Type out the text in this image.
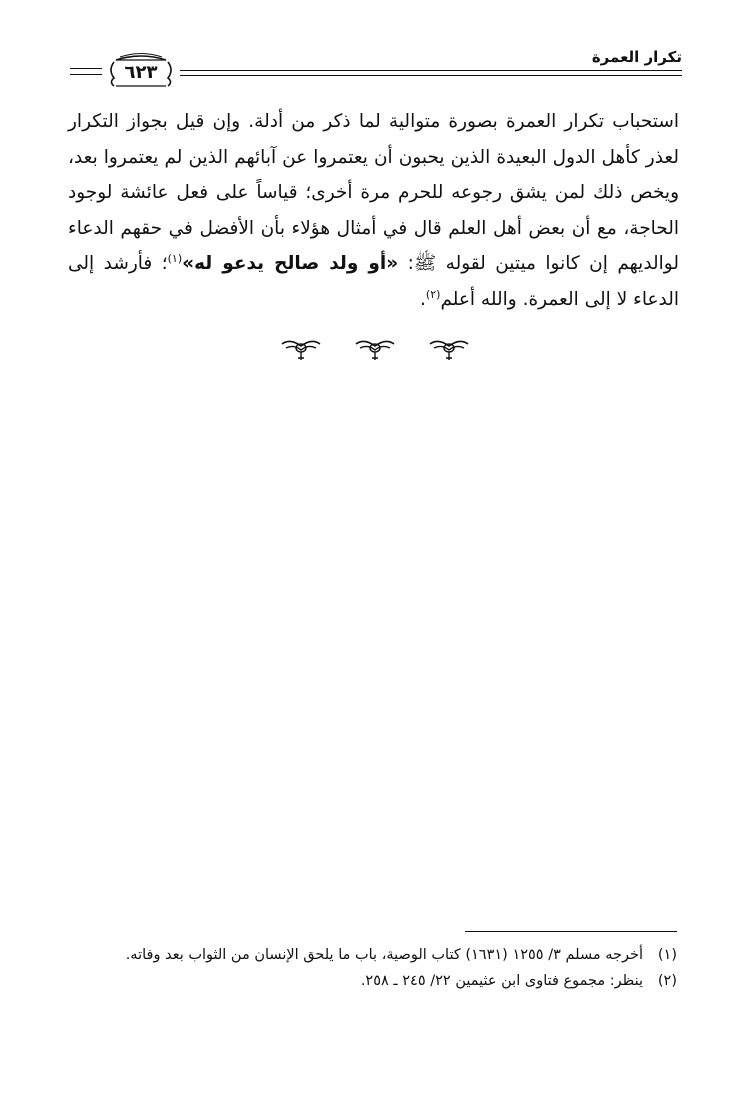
تكرار العمرة
٦٢٣
استحباب تكرار العمرة بصورة متوالية لما ذكر من أدلة. وإن قيل بجواز التكرار لعذر كأهل الدول البعيدة الذين يحبون أن يعتمروا عن آبائهم الذين لم يعتمروا بعد، ويخص ذلك لمن يشق رجوعه للحرم مرة أخرى؛ قياساً على فعل عائشة لوجود الحاجة، مع أن بعض أهل العلم قال في أمثال هؤلاء بأن الأفضل في حقهم الدعاء لوالديهم إن كانوا ميتين لقوله ﷺ: «أو ولد صالح يدعو له»$^{(١)}$؛ فأرشد إلى الدعاء لا إلى العمرة. والله أعلم$^{(٢)}$.
(١)
أخرجه مسلم ٣/ ١٢٥٥ (١٦٣١) كتاب الوصية، باب ما يلحق الإنسان من الثواب بعد وفاته.
(٢)
ينظر: مجموع فتاوى ابن عثيمين ٢٢/ ٢٤٥ ـ ٢٥٨.
